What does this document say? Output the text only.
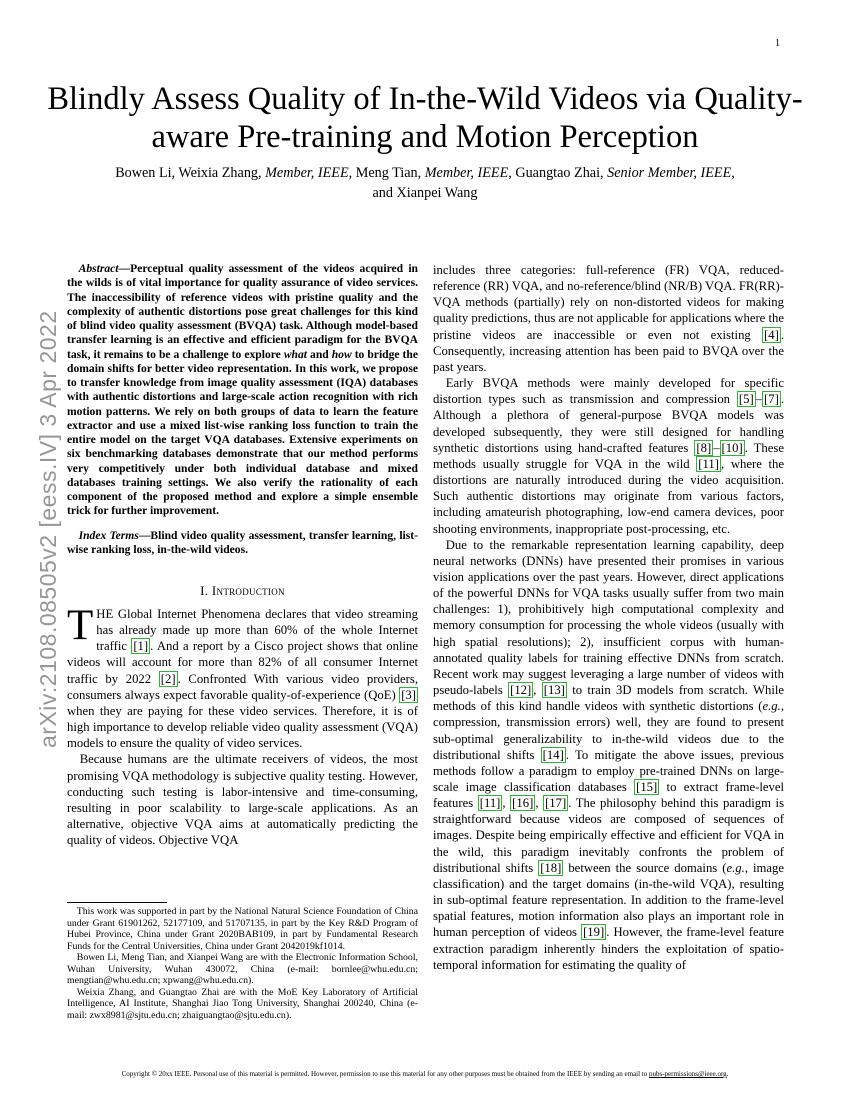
1
Blindly Assess Quality of In-the-Wild Videos via Quality-aware Pre-training and Motion Perception
Bowen Li, Weixia Zhang, Member, IEEE, Meng Tian, Member, IEEE, Guangtao Zhai, Senior Member, IEEE,
and Xianpei Wang
arXiv:2108.08505v2 [eess.IV] 3 Apr 2022

Abstract—Perceptual quality assessment of the videos acquired in the wilds is of vital importance for quality assurance of video services. The inaccessibility of reference videos with pristine quality and the complexity of authentic distortions pose great challenges for this kind of blind video quality assessment (BVQA) task. Although model-based transfer learning is an effective and efficient paradigm for the BVQA task, it remains to be a challenge to explore what and how to bridge the domain shifts for better video representation. In this work, we propose to transfer knowledge from image quality assessment (IQA) databases with authentic distortions and large-scale action recognition with rich motion patterns. We rely on both groups of data to learn the feature extractor and use a mixed list-wise ranking loss function to train the entire model on the target VQA databases. Extensive experiments on six benchmarking databases demonstrate that our method performs very competitively under both individual database and mixed databases training settings. We also verify the rationality of each component of the proposed method and explore a simple ensemble trick for further improvement.

Index Terms—Blind video quality assessment, transfer learning, list-wise ranking loss, in-the-wild videos.

I. Introduction

THE Global Internet Phenomena declares that video streaming has already made up more than 60% of the whole Internet traffic [1] . And a report by a Cisco project shows that online videos will account for more than 82% of all consumer Internet traffic by 2022 [2] . Confronted With various video providers, consumers always expect favorable quality-of-experience (QoE) [3] when they are paying for these video services. Therefore, it is of high importance to develop reliable video quality assessment (VQA) models to ensure the quality of video services.

Because humans are the ultimate receivers of videos, the most promising VQA methodology is subjective quality testing. However, conducting such testing is labor-intensive and time-consuming, resulting in poor scalability to large-scale applications. As an alternative, objective VQA aims at automatically predicting the quality of videos. Objective VQA

includes three categories: full-reference (FR) VQA, reduced-reference (RR) VQA, and no-reference/blind (NR/B) VQA. FR(RR)-VQA methods (partially) rely on non-distorted videos for making quality predictions, thus are not applicable for applications where the pristine videos are inaccessible or even not existing [4] . Consequently, increasing attention has been paid to BVQA over the past years.

Early BVQA methods were mainly developed for specific distortion types such as transmission and compression [5] – [7] . Although a plethora of general-purpose BVQA models was developed subsequently, they were still designed for handling synthetic distortions using hand-crafted features [8] – [10] . These methods usually struggle for VQA in the wild [11] , where the distortions are naturally introduced during the video acquisition. Such authentic distortions may originate from various factors, including amateurish photographing, low-end camera devices, poor shooting environments, inappropriate post-processing, etc.

Due to the remarkable representation learning capability, deep neural networks (DNNs) have presented their promises in various vision applications over the past years. However, direct applications of the powerful DNNs for VQA tasks usually suffer from two main challenges: 1), prohibitively high computational complexity and memory consumption for processing the whole videos (usually with high spatial resolutions); 2), insufficient corpus with human-annotated quality labels for training effective DNNs from scratch. Recent work may suggest leveraging a large number of videos with pseudo-labels [12] , [13] to train 3D models from scratch. While methods of this kind handle videos with synthetic distortions (e.g., compression, transmission errors) well, they are found to present sub-optimal generalizability to in-the-wild videos due to the distributional shifts [14] . To mitigate the above issues, previous methods follow a paradigm to employ pre-trained DNNs on large-scale image classification databases [15] to extract frame-level features [11] , [16] , [17] . The philosophy behind this paradigm is straightforward because videos are composed of sequences of images. Despite being empirically effective and efficient for VQA in the wild, this paradigm inevitably confronts the problem of distributional shifts [18] between the source domains (e.g., image classification) and the target domains (in-the-wild VQA), resulting in sub-optimal feature representation. In addition to the frame-level spatial features, motion information also plays an important role in human perception of videos [19] . However, the frame-level feature extraction paradigm inherently hinders the exploitation of spatio-temporal information for estimating the quality of

This work was supported in part by the National Natural Science Foundation of China under Grant 61901262, 52177109, and 51707135, in part by the Key R&D Program of Hubei Province, China under Grant 2020BAB109, in part by Fundamental Research Funds for the Central Universities, China under Grant 2042019kf1014.

Bowen Li, Meng Tian, and Xianpei Wang are with the Electronic Information School, Wuhan University, Wuhan 430072, China (e-mail: bornlee@whu.edu.cn; mengtian@whu.edu.cn; xpwang@whu.edu.cn).

Weixia Zhang, and Guangtao Zhai are with the MoE Key Laboratory of Artificial Intelligence, AI Institute, Shanghai Jiao Tong University, Shanghai 200240, China (e-mail: zwx8981@sjtu.edu.cn; zhaiguangtao@sjtu.edu.cn).

Copyright © 20xx IEEE. Personal use of this material is permitted. However, permission to use this material for any other purposes must be obtained from the IEEE by sending an email to pubs-permissions@ieee.org.
